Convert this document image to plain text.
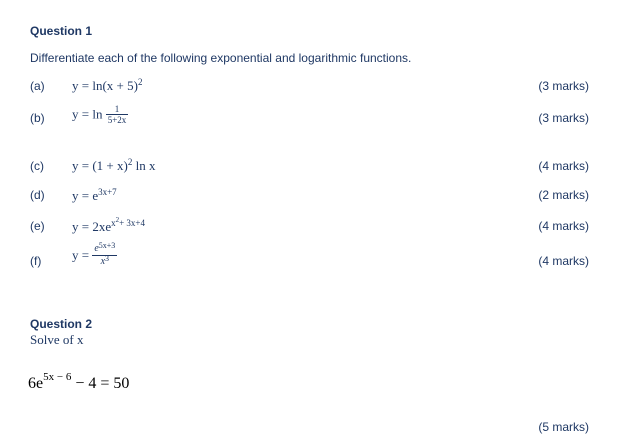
Question 1
Differentiate each of the following exponential and logarithmic functions.
(a) $y = \ln(x + 5)^2$	(3 marks)
(b) $y = \ln \frac{1}{5+2x}$	(3 marks)
(c) $y = (1 + x)^2$ ln x	(4 marks)
(d) $y = e^{3x+7}$	(2 marks)
(e) $y = 2xe^{x2+ 3x+4}$	(4 marks)
(f) $y = \frac{e^{5x+3}}{x^3}$	(4 marks)
Question 2
Solve of x
$6e^{5x - 6} - 4 = 50$
(5 marks)
